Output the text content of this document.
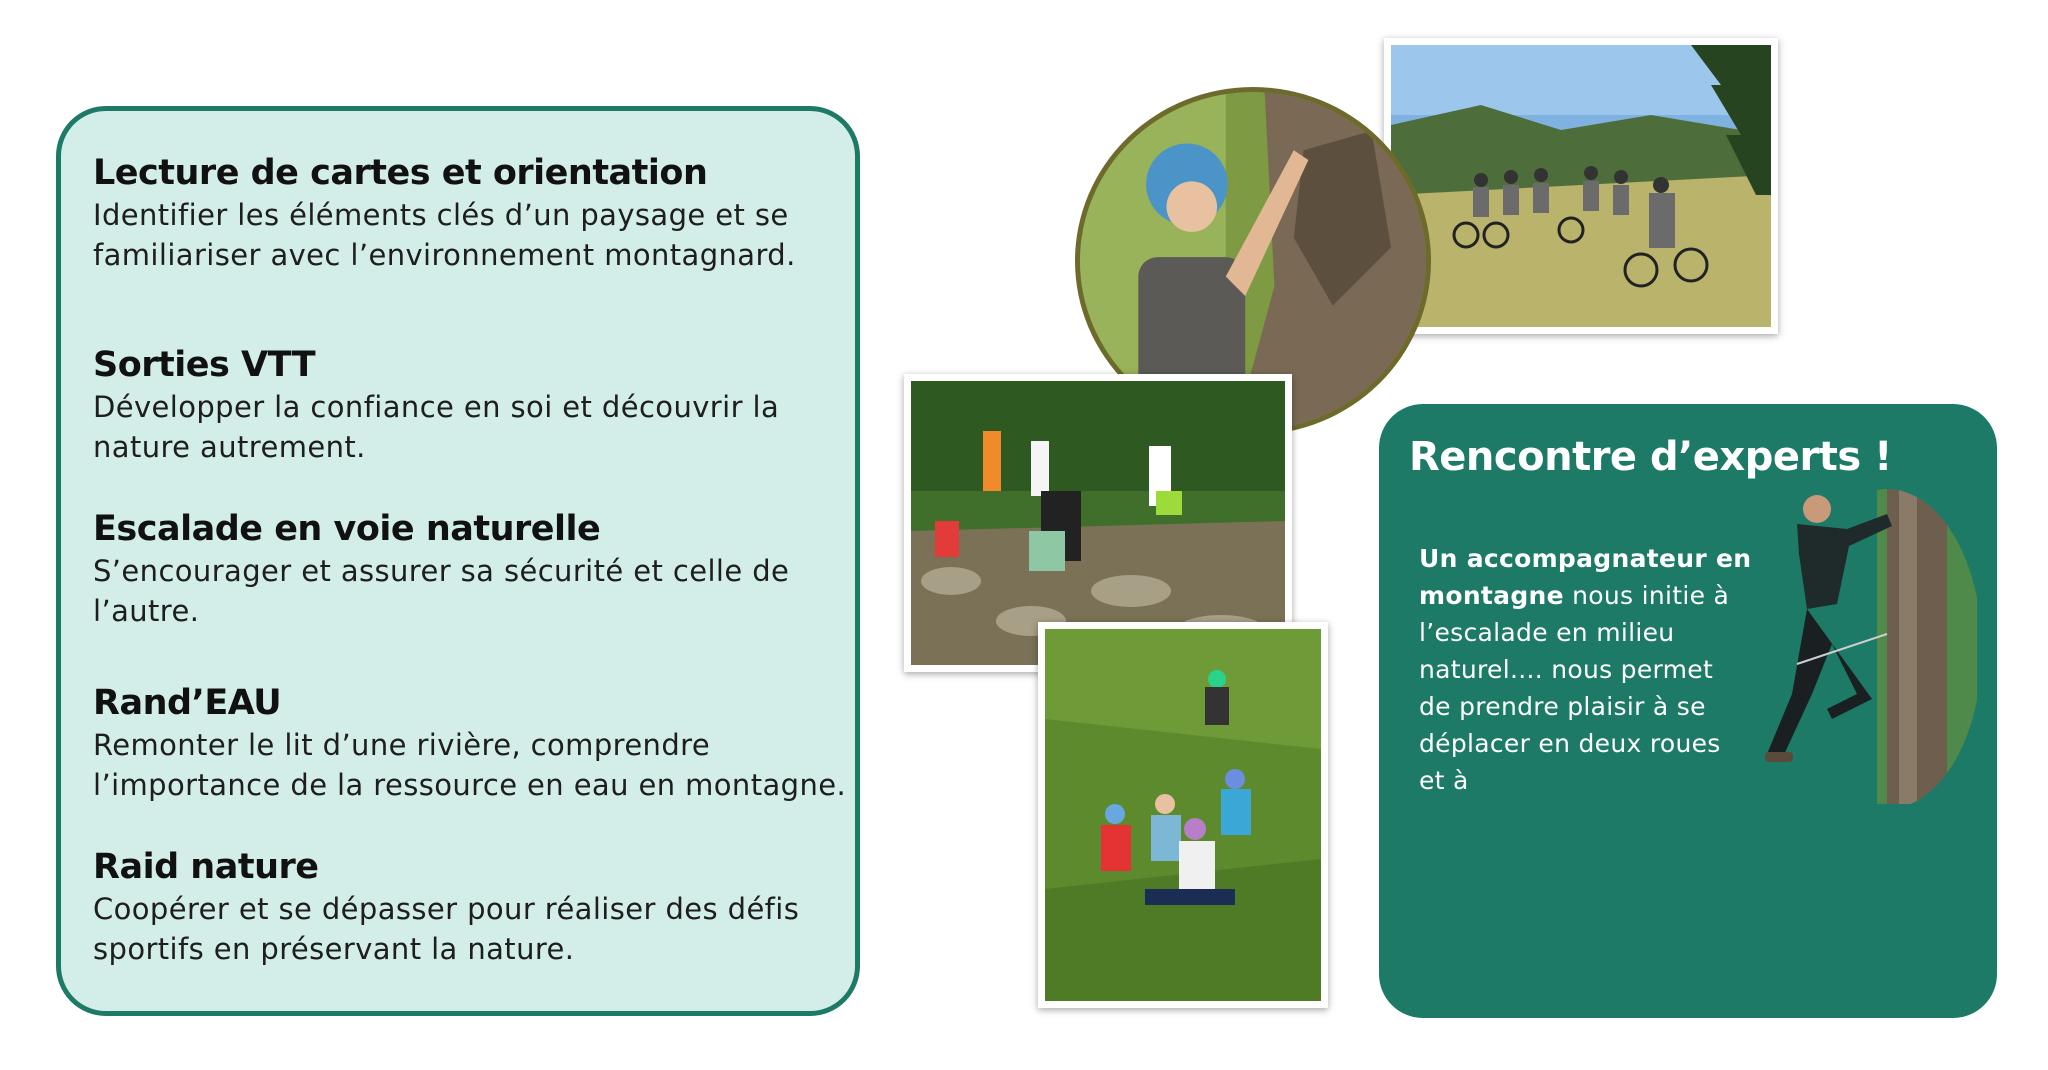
Lecture de cartes et orientation

Identifier les éléments clés d’un paysage et se
familiariser avec l’environnement montagnard.

Sorties VTT

Développer la confiance en soi et découvrir la
nature autrement.

Escalade en voie naturelle

S’encourager et assurer sa sécurité et celle de
l’autre.

Rand’EAU

Remonter le lit d’une rivière, comprendre
l’importance de la ressource en eau en montagne.

Raid nature

Coopérer et se dépasser pour réaliser des défis
sportifs en préservant la nature.

Rencontre d’experts !
Un accompagnateur en
montagne nous initie à
l’escalade en milieu
naturel.... nous permet
de prendre plaisir à se
déplacer en deux roues
et à
